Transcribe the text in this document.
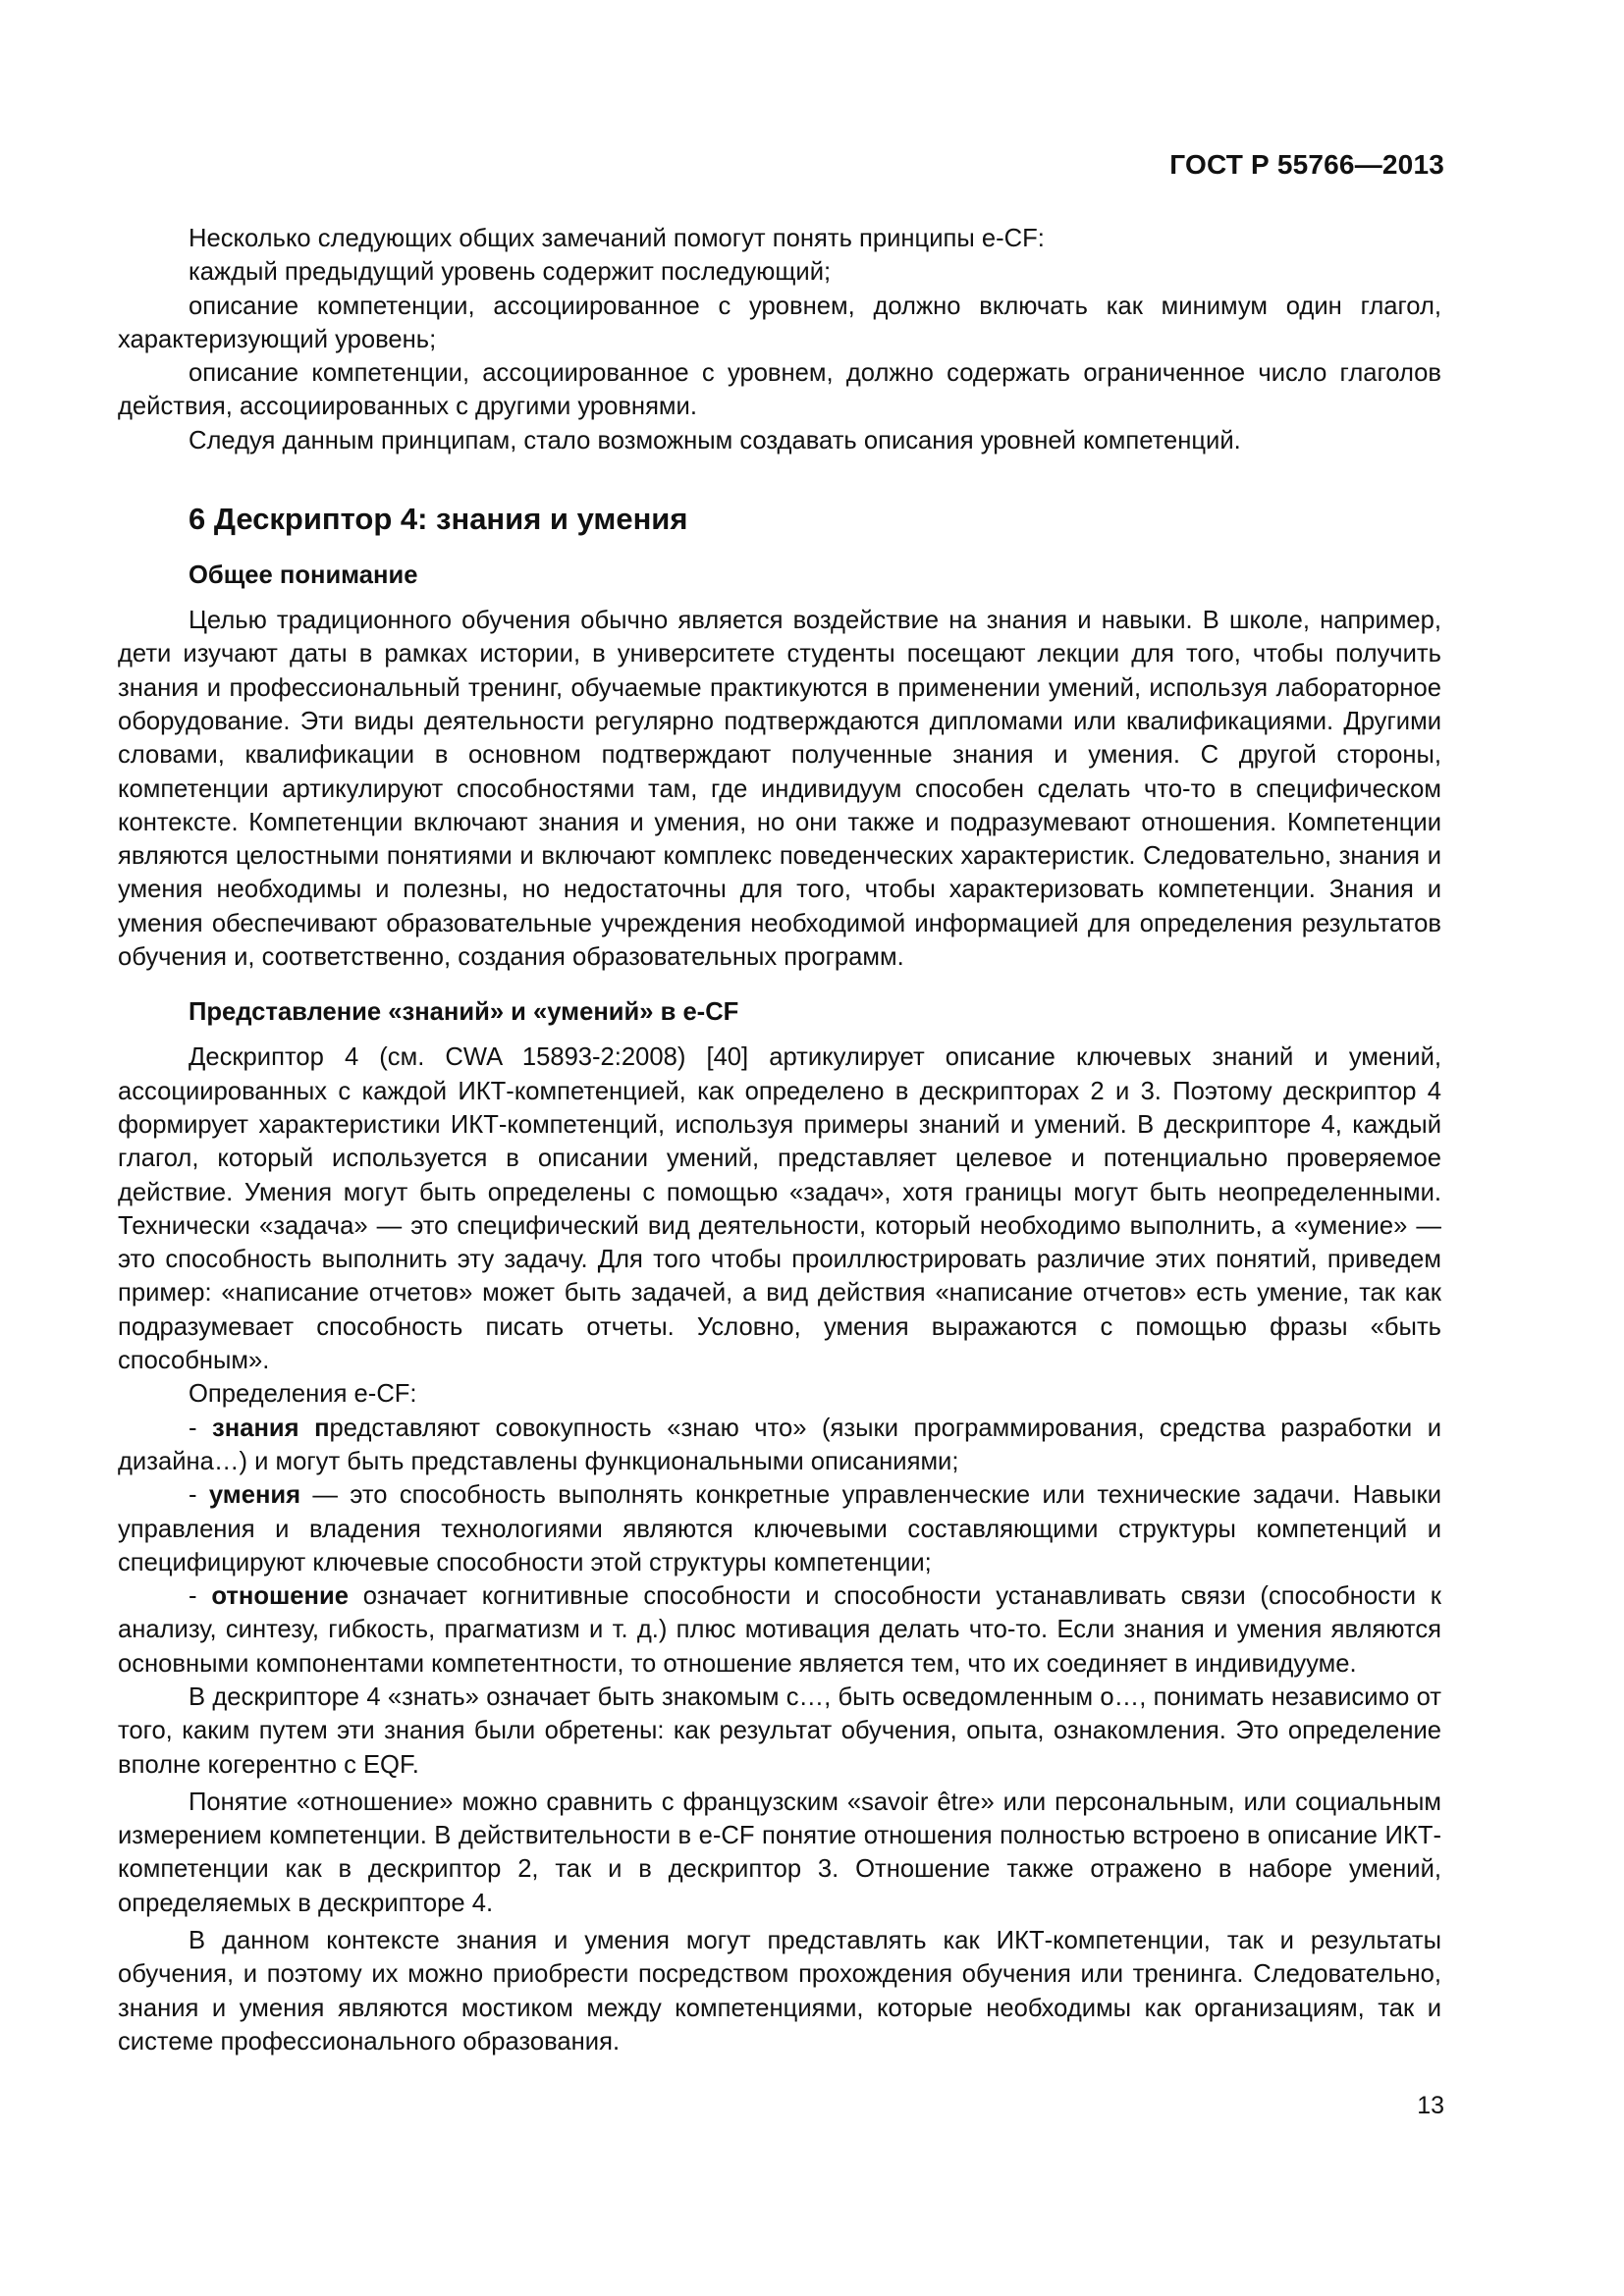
ГОСТ Р 55766—2013

Несколько следующих общих замечаний помогут понять принципы e-CF:

каждый предыдущий уровень содержит последующий;

описание компетенции, ассоциированное с уровнем, должно включать как минимум один глагол, характеризующий уровень;

описание компетенции, ассоциированное с уровнем, должно содержать ограниченное число глаголов действия, ассоциированных с другими уровнями.

Следуя данным принципам, стало возможным создавать описания уровней компетенций.

6 Дескриптор 4: знания и умения
Общее понимание

Целью традиционного обучения обычно является воздействие на знания и навыки. В школе, например, дети изучают даты в рамках истории, в университете студенты посещают лекции для того, чтобы получить знания и профессиональный тренинг, обучаемые практикуются в применении умений, используя лабораторное оборудование. Эти виды деятельности регулярно подтверждаются дипломами или квалификациями. Другими словами, квалификации в основном подтверждают полученные знания и умения. С другой стороны, компетенции артикулируют способностями там, где индивидуум способен сделать что-то в специфическом контексте. Компетенции включают знания и умения, но они также и подразумевают отношения. Компетенции являются целостными понятиями и включают комплекс поведенческих характеристик. Следовательно, знания и умения необходимы и полезны, но недостаточны для того, чтобы характеризовать компетенции. Знания и умения обеспечивают образовательные учреждения необходимой информацией для определения результатов обучения и, соответственно, создания образовательных программ.

Представление «знаний» и «умений» в e-CF

Дескриптор 4 (см. CWA 15893-2:2008) [40] артикулирует описание ключевых знаний и умений, ассоциированных с каждой ИКТ-компетенцией, как определено в дескрипторах 2 и 3. Поэтому дескриптор 4 формирует характеристики ИКТ-компетенций, используя примеры знаний и умений. В дескрипторе 4, каждый глагол, который используется в описании умений, представляет целевое и потенциально проверяемое действие. Умения могут быть определены с помощью «задач», хотя границы могут быть неопределенными. Технически «задача» — это специфический вид деятельности, который необходимо выполнить, а «умение» — это способность выполнить эту задачу. Для того чтобы проиллюстрировать различие этих понятий, приведем пример: «написание отчетов» может быть задачей, а вид действия «написание отчетов» есть умение, так как подразумевает способность писать отчеты. Условно, умения выражаются с помощью фразы «быть способным».

Определения e-CF:

- знания представляют совокупность «знаю что» (языки программирования, средства разработки и дизайна…) и могут быть представлены функциональными описаниями;

- умения — это способность выполнять конкретные управленческие или технические задачи. Навыки управления и владения технологиями являются ключевыми составляющими структуры компетенций и специфицируют ключевые способности этой структуры компетенции;

- отношение означает когнитивные способности и способности устанавливать связи (способности к анализу, синтезу, гибкость, прагматизм и т. д.) плюс мотивация делать что-то. Если знания и умения являются основными компонентами компетентности, то отношение является тем, что их соединяет в индивидууме.

В дескрипторе 4 «знать» означает быть знакомым с…, быть осведомленным о…, понимать независимо от того, каким путем эти знания были обретены: как результат обучения, опыта, ознакомления. Это определение вполне когерентно с EQF.

Понятие «отношение» можно сравнить с французским «savoir être» или персональным, или социальным измерением компетенции. В действительности в e-CF понятие отношения полностью встроено в описание ИКТ-компетенции как в дескриптор 2, так и в дескриптор 3. Отношение также отражено в наборе умений, определяемых в дескрипторе 4.

В данном контексте знания и умения могут представлять как ИКТ-компетенции, так и результаты обучения, и поэтому их можно приобрести посредством прохождения обучения или тренинга. Следовательно, знания и умения являются мостиком между компетенциями, которые необходимы как организациям, так и системе профессионального образования.

13
